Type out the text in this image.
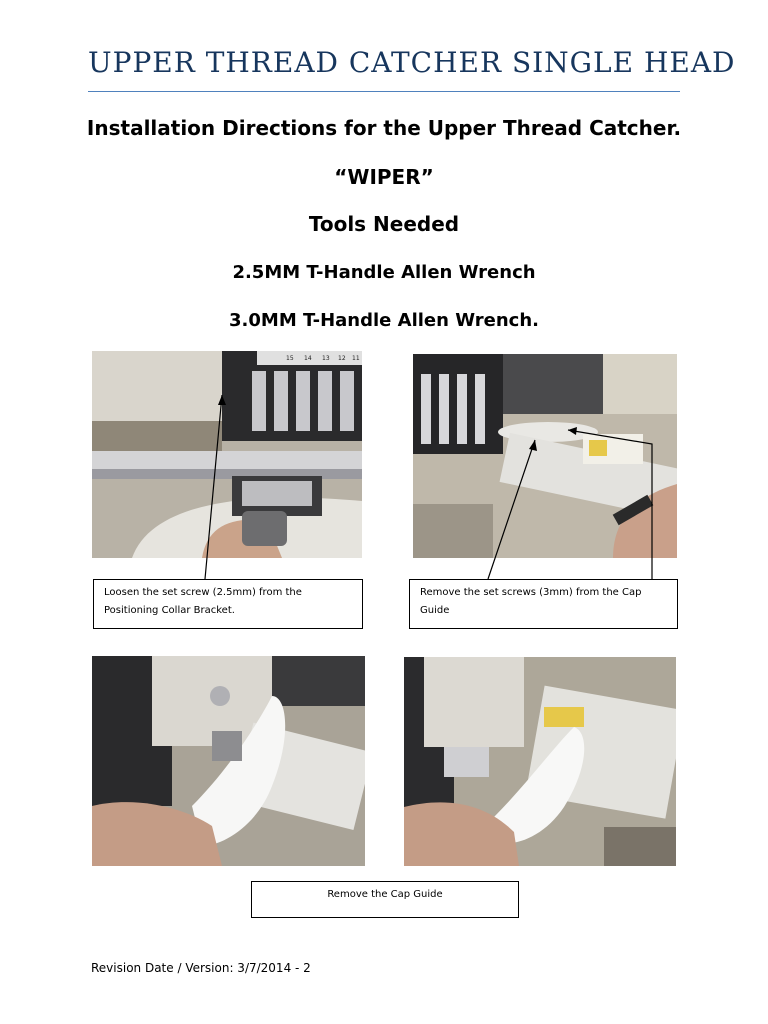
UPPER THREAD CATCHER SINGLE HEAD
Installation Directions for the Upper Thread Catcher.
“WIPER”
Tools Needed
2.5MM T-Handle Allen Wrench
3.0MM T-Handle Allen Wrench.
15 14 13 12 11
Loosen the set screw (2.5mm) from the
Positioning Collar Bracket.
Remove the set screws (3mm) from the Cap
Guide
Remove the Cap Guide
Revision Date / Version: 3/7/2014 - 2
